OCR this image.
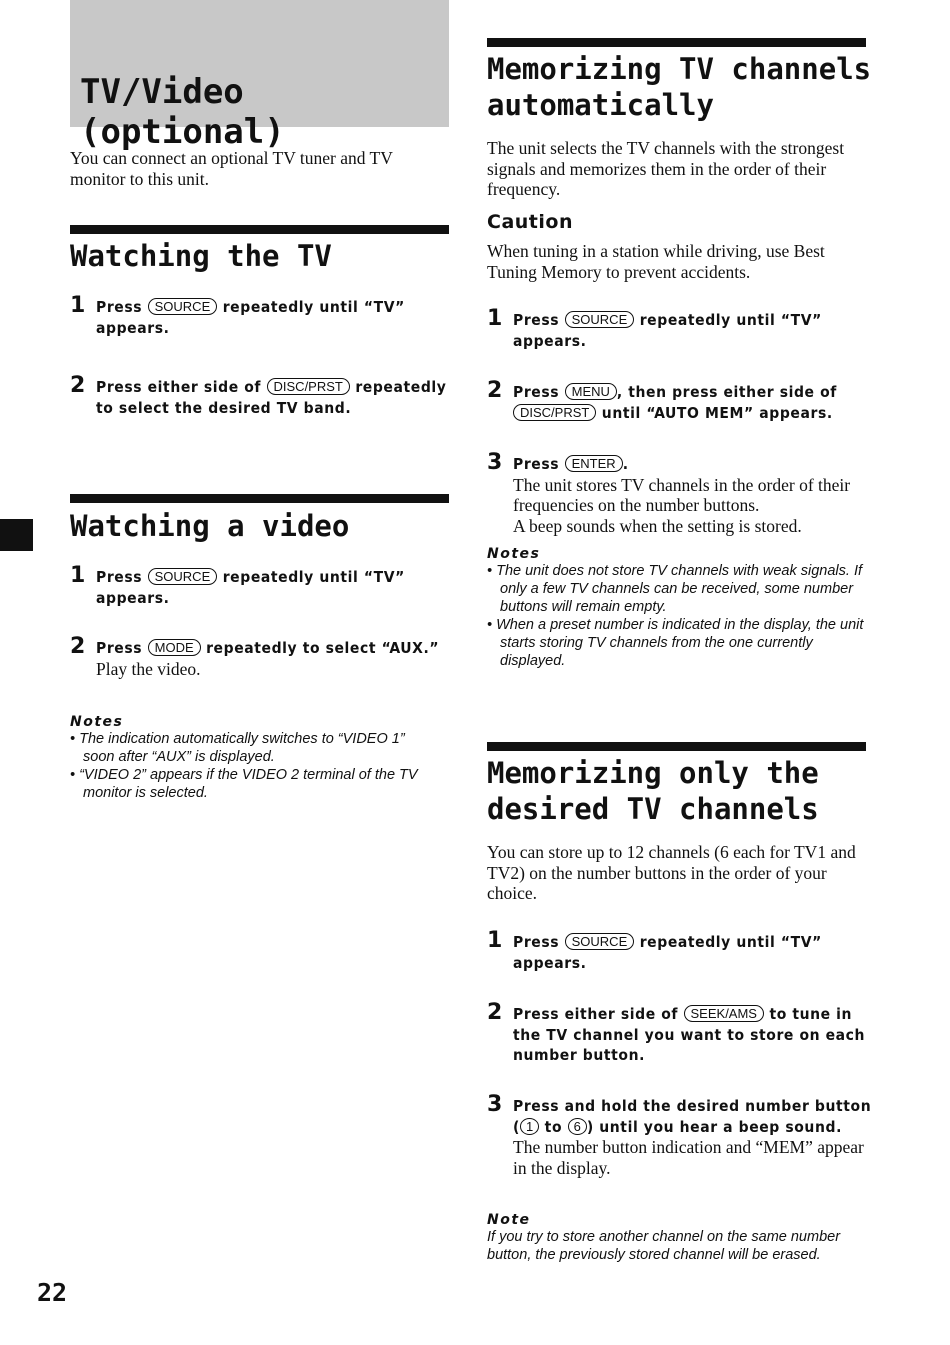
TV/Video (optional)

You can connect an optional TV tuner and TV monitor to this unit.

Watching the TV
1 Press SOURCE repeatedly until “TV” appears.
2 Press either side of DISC/PRST repeatedly to select the desired TV band.
Watching a video
1 Press SOURCE repeatedly until “TV” appears.
2 Press MODE repeatedly to select “AUX.”
Play the video.

Notes

• The indication automatically switches to “VIDEO 1” soon after “AUX” is displayed.
• “VIDEO 2” appears if the VIDEO 2 terminal of the TV monitor is selected.
Memorizing TV channels
automatically

The unit selects the TV channels with the strongest signals and memorizes them in the order of their frequency.

Caution

When tuning in a station while driving, use Best Tuning Memory to prevent accidents.

1 Press SOURCE repeatedly until “TV” appears.
2 Press MENU , then press either side of DISC/PRST until “AUTO MEM” appears.
3 Press ENTER .
The unit stores TV channels in the order of their frequencies on the number buttons.
A beep sounds when the setting is stored.

Notes

• The unit does not store TV channels with weak signals. If only a few TV channels can be received, some number buttons will remain empty.
• When a preset number is indicated in the display, the unit starts storing TV channels from the one currently displayed.
Memorizing only the
desired TV channels

You can store up to 12 channels (6 each for TV1 and TV2) on the number buttons in the order of your choice.

1 Press SOURCE repeatedly until “TV” appears.
2 Press either side of SEEK/AMS to tune in the TV channel you want to store on each number button.
3 Press and hold the desired number button ( 1 to 6 ) until you hear a beep sound.
The number button indication and “MEM” appear in the display.

Note

If you try to store another channel on the same number button, the previously stored channel will be erased.

22
